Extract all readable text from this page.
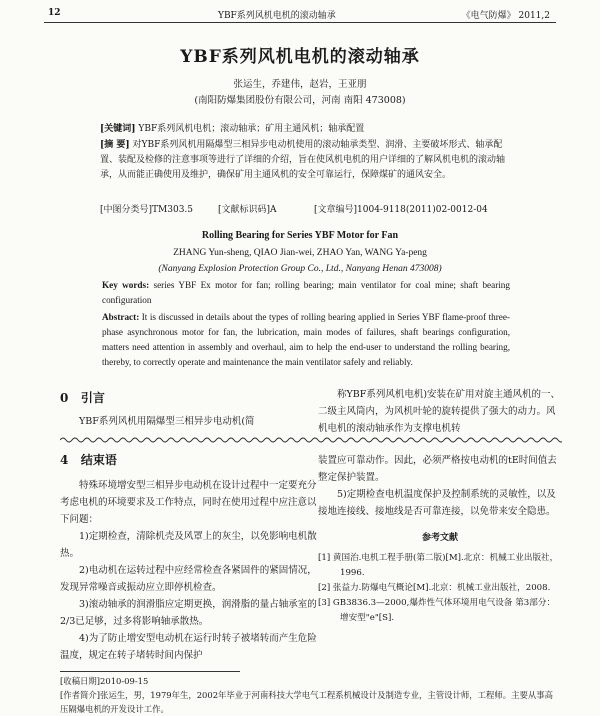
12	YBF系列风机电机的滚动轴承	《电气防爆》 2011,2
YBF系列风机电机的滚动轴承
张运生，乔建伟，赵岩，王亚朋
(南阳防爆集团股份有限公司，河南 南阳 473008)
[关键词] YBF系列风机电机；滚动轴承；矿用主通风机；轴承配置
[摘 要] 对YBF系列风机用隔爆型三相异步电动机使用的滚动轴承类型、润滑、主要破坏形式、轴承配置、装配及检修的注意事项等进行了详细的介绍，旨在使风机电机的用户详细的了解风机电机的滚动轴承，从而能正确使用及维护，确保矿用主通风机的安全可靠运行，保障煤矿的通风安全。
[中图分类号]TM303.5	[文献标识码]A	[文章编号]1004-9118(2011)02-0012-04
Rolling Bearing for Series YBF Motor for Fan
ZHANG Yun-sheng, QIAO Jian-wei, ZHAO Yan, WANG Ya-peng
(Nanyang Explosion Protection Group Co., Ltd., Nanyang Henan 473008)
Key words: series YBF Ex motor for fan; rolling bearing; main ventilator for coal mine; shaft bearing configuration
Abstract: It is discussed in details about the types of rolling bearing applied in Series YBF flame-proof three-phase asynchronous motor for fan, the lubrication, main modes of failures, shaft bearings configuration, matters need attention in assembly and overhaul, aim to help the end-user to understand the rolling bearing, thereby, to correctly operate and maintenance the main ventilator safely and reliably.
0 引言

YBF系列风机用隔爆型三相异步电动机(简

称YBF系列风机电机)安装在矿用对旋主通风机的一、二级主风筒内，为风机叶轮的旋转提供了强大的动力。风机电机的滚动轴承作为支撑电机转

4 结束语

特殊环境增安型三相异步电动机在设计过程中一定要充分考虑电机的环境要求及工作特点，同时在使用过程中应注意以下问题：

1)定期检查，清除机壳及风罩上的灰尘，以免影响电机散热。

2)电动机在运转过程中应经常检查各紧固件的紧固情况，发现异常噪音或振动应立即停机检查。

3)滚动轴承的润滑脂应定期更换，润滑脂的量占轴承室的2/3已足够，过多将影响轴承散热。

4)为了防止增安型电动机在运行时转子被堵转而产生危险温度，规定在转子堵转时间内保护

装置应可靠动作。因此，必须严格按电动机的tE时间值去整定保护装置。

5)定期检查电机温度保护及控制系统的灵敏性，以及接地连接线、接地线是否可靠连接，以免带来安全隐患。

参考文献

[1] 黄国治.电机工程手册(第二版)[M].北京：机械工业出版社，1996.

[2] 张益力.防爆电气概论[M].北京：机械工业出版社，2008.

[3] GB3836.3—2000,爆炸性气体环境用电气设备 第3部分：增安型"e"[S].

[收稿日期]2010-09-15
[作者简介]张运生，男，1979年生，2002年毕业于河南科技大学电气工程系机械设计及制造专业，主管设计师，工程师。主要从事高压隔爆电机的开发设计工作。
